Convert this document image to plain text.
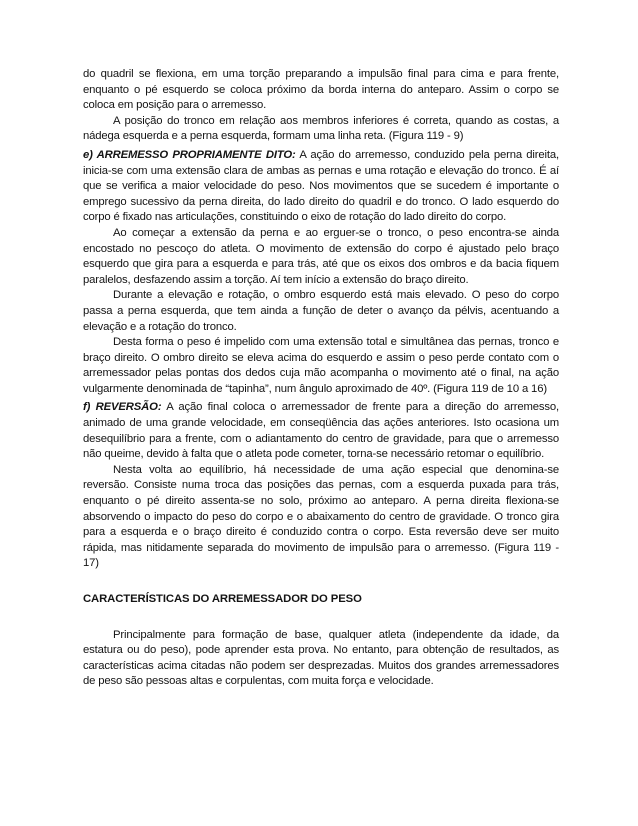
do quadril se flexiona, em uma torção preparando a impulsão final para cima e para frente, enquanto o pé esquerdo se coloca próximo da borda interna do anteparo. Assim o corpo se coloca em posição para o arremesso.

A posição do tronco em relação aos membros inferiores é correta, quando as costas, a nádega esquerda e a perna esquerda, formam uma linha reta. (Figura 119 - 9)

e) ARREMESSO PROPRIAMENTE DITO: A ação do arremesso, conduzido pela perna direita, inicia-se com uma extensão clara de ambas as pernas e uma rotação e elevação do tronco. É aí que se verifica a maior velocidade do peso. Nos movimentos que se sucedem é importante o emprego sucessivo da perna direita, do lado direito do quadril e do tronco. O lado esquerdo do corpo é fixado nas articulações, constituindo o eixo de rotação do lado direito do corpo.

Ao começar a extensão da perna e ao erguer-se o tronco, o peso encontra-se ainda encostado no pescoço do atleta. O movimento de extensão do corpo é ajustado pelo braço esquerdo que gira para a esquerda e para trás, até que os eixos dos ombros e da bacia fiquem paralelos, desfazendo assim a torção. Aí tem início a extensão do braço direito.

Durante a elevação e rotação, o ombro esquerdo está mais elevado. O peso do corpo passa a perna esquerda, que tem ainda a função de deter o avanço da pélvis, acentuando a elevação e a rotação do tronco.

Desta forma o peso é impelido com uma extensão total e simultânea das pernas, tronco e braço direito. O ombro direito se eleva acima do esquerdo e assim o peso perde contato com o arremessador pelas pontas dos dedos cuja mão acompanha o movimento até o final, na ação vulgarmente denominada de “tapinha”, num ângulo aproximado de 40º. (Figura 119 de 10 a 16)

f) REVERSÃO: A ação final coloca o arremessador de frente para a direção do arremesso, animado de uma grande velocidade, em conseqüência das ações anteriores. Isto ocasiona um desequilíbrio para a frente, com o adiantamento do centro de gravidade, para que o arremesso não queime, devido à falta que o atleta pode cometer, torna-se necessário retomar o equilíbrio.

Nesta volta ao equilíbrio, há necessidade de uma ação especial que denomina-se reversão. Consiste numa troca das posições das pernas, com a esquerda puxada para trás, enquanto o pé direito assenta-se no solo, próximo ao anteparo. A perna direita flexiona-se absorvendo o impacto do peso do corpo e o abaixamento do centro de gravidade. O tronco gira para a esquerda e o braço direito é conduzido contra o corpo. Esta reversão deve ser muito rápida, mas nitidamente separada do movimento de impulsão para o arremesso. (Figura 119 - 17)

CARACTERÍSTICAS DO ARREMESSADOR DO PESO

Principalmente para formação de base, qualquer atleta (independente da idade, da estatura ou do peso), pode aprender esta prova. No entanto, para obtenção de resultados, as características acima citadas não podem ser desprezadas. Muitos dos grandes arremessadores de peso são pessoas altas e corpulentas, com muita força e velocidade.
